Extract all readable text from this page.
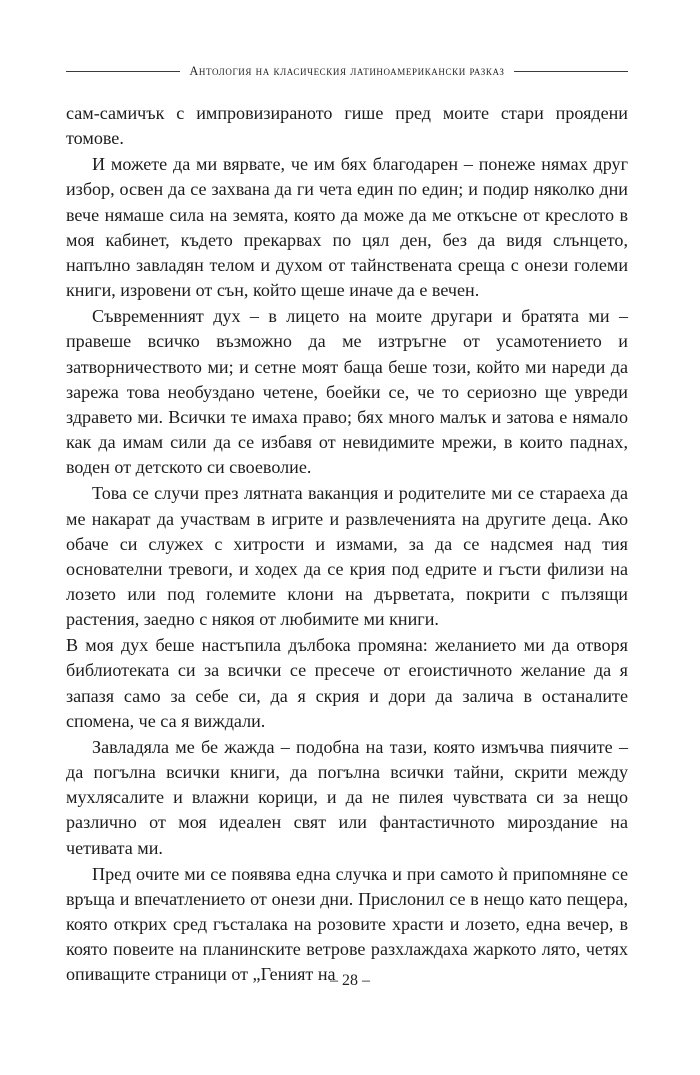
Антология на класическия латиноамерикански разказ

сам-самичък с импровизираното гише пред моите стари проядени томове.

И можете да ми вярвате, че им бях благодарен – понеже нямах друг избор, освен да се захвана да ги чета един по един; и подир няколко дни вече нямаше сила на земята, която да може да ме откъсне от креслото в моя кабинет, където прекарвах по цял ден, без да видя слънцето, напълно завладян телом и духом от тайнствената среща с онези големи книги, изровени от сън, който щеше иначе да е вечен.

Съвременният дух – в лицето на моите другари и братята ми – правеше всичко възможно да ме изтръгне от усамотението и затворничеството ми; и сетне моят баща беше този, който ми нареди да зарежа това необуздано четене, боейки се, че то сериозно ще увреди здравето ми. Всички те имаха право; бях много малък и затова е нямало как да имам сили да се избавя от невидимите мрежи, в които паднах, воден от детското си своеволие.

Това се случи през лятната ваканция и родителите ми се стараеха да ме накарат да участвам в игрите и развлеченията на другите деца. Ако обаче си служех с хитрости и измами, за да се надсмея над тия основателни тревоги, и ходех да се крия под едрите и гъсти филизи на лозето или под големите клони на дърветата, покрити с пълзящи растения, заедно с някоя от любимите ми книги.

В моя дух беше настъпила дълбока промяна: желанието ми да отворя библиотеката си за всички се пресече от егоистичното желание да я запазя само за себе си, да я скрия и дори да залича в останалите спомена, че са я виждали.

Завладяла ме бе жажда – подобна на тази, която измъчва пиячите – да погълна всички книги, да погълна всички тайни, скрити между мухлясалите и влажни корици, и да не пилея чувствата си за нещо различно от моя идеален свят или фантастичното мироздание на четивата ми.

Пред очите ми се появява една случка и при самото ѝ припомняне се връща и впечатлението от онези дни. Прислонил се в нещо като пещера, която открих сред гъсталака на розовите храсти и лозето, една вечер, в която повеите на планинските ветрове разхлаждаха жаркото лято, четях опиващите страници от „Геният на

– 28 –
